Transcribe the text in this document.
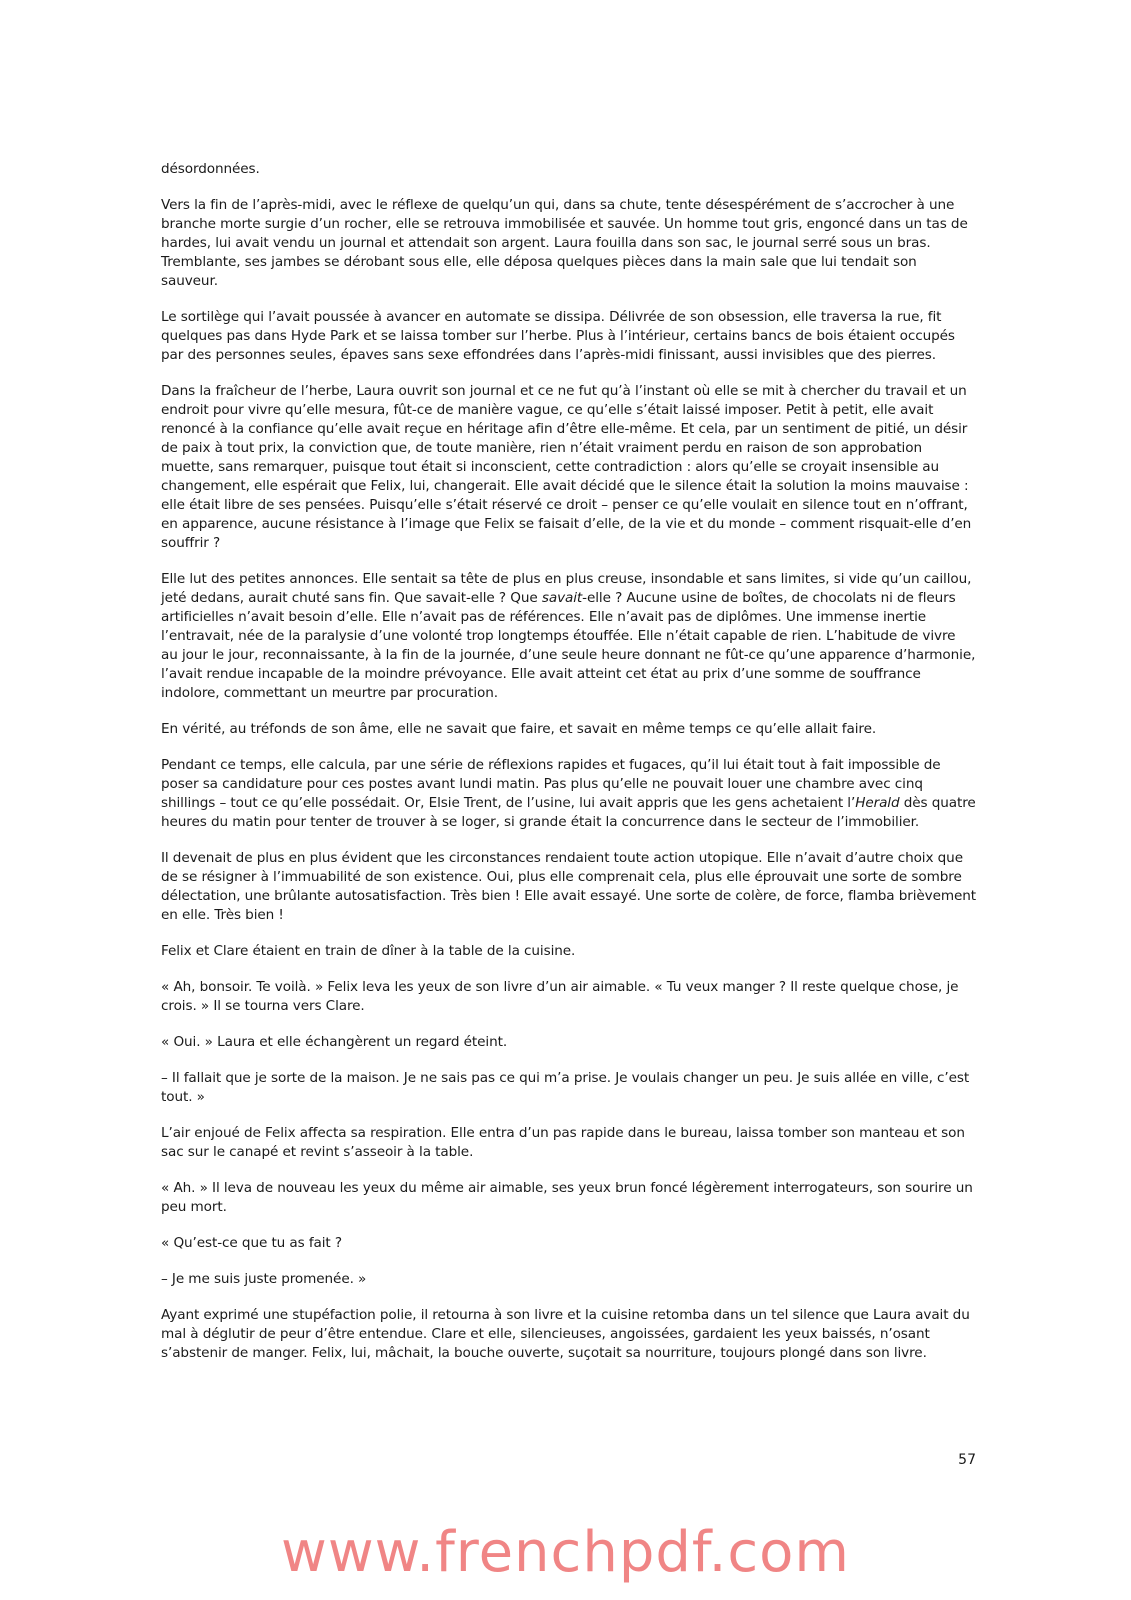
désordonnées.

Vers la fin de l’après-midi, avec le réflexe de quelqu’un qui, dans sa chute, tente désespérément de s’accrocher à une branche morte surgie d’un rocher, elle se retrouva immobilisée et sauvée. Un homme tout gris, engoncé dans un tas de hardes, lui avait vendu un journal et attendait son argent. Laura fouilla dans son sac, le journal serré sous un bras. Tremblante, ses jambes se dérobant sous elle, elle déposa quelques pièces dans la main sale que lui tendait son sauveur.

Le sortilège qui l’avait poussée à avancer en automate se dissipa. Délivrée de son obsession, elle traversa la rue, fit quelques pas dans Hyde Park et se laissa tomber sur l’herbe. Plus à l’intérieur, certains bancs de bois étaient occupés par des personnes seules, épaves sans sexe effondrées dans l’après-midi finissant, aussi invisibles que des pierres.

Dans la fraîcheur de l’herbe, Laura ouvrit son journal et ce ne fut qu’à l’instant où elle se mit à chercher du travail et un endroit pour vivre qu’elle mesura, fût-ce de manière vague, ce qu’elle s’était laissé imposer. Petit à petit, elle avait renoncé à la confiance qu’elle avait reçue en héritage afin d’être elle-même. Et cela, par un sentiment de pitié, un désir de paix à tout prix, la conviction que, de toute manière, rien n’était vraiment perdu en raison de son approbation muette, sans remarquer, puisque tout était si inconscient, cette contradiction : alors qu’elle se croyait insensible au changement, elle espérait que Felix, lui, changerait. Elle avait décidé que le silence était la solution la moins mauvaise : elle était libre de ses pensées. Puisqu’elle s’était réservé ce droit – penser ce qu’elle voulait en silence tout en n’offrant, en apparence, aucune résistance à l’image que Felix se faisait d’elle, de la vie et du monde – comment risquait-elle d’en souffrir ?

Elle lut des petites annonces. Elle sentait sa tête de plus en plus creuse, insondable et sans limites, si vide qu’un caillou, jeté dedans, aurait chuté sans fin. Que savait-elle ? Que savait-elle ? Aucune usine de boîtes, de chocolats ni de fleurs artificielles n’avait besoin d’elle. Elle n’avait pas de références. Elle n’avait pas de diplômes. Une immense inertie l’entravait, née de la paralysie d’une volonté trop longtemps étouffée. Elle n’était capable de rien. L’habitude de vivre au jour le jour, reconnaissante, à la fin de la journée, d’une seule heure donnant ne fût-ce qu’une apparence d’harmonie, l’avait rendue incapable de la moindre prévoyance. Elle avait atteint cet état au prix d’une somme de souffrance indolore, commettant un meurtre par procuration.

En vérité, au tréfonds de son âme, elle ne savait que faire, et savait en même temps ce qu’elle allait faire.

Pendant ce temps, elle calcula, par une série de réflexions rapides et fugaces, qu’il lui était tout à fait impossible de poser sa candidature pour ces postes avant lundi matin. Pas plus qu’elle ne pouvait louer une chambre avec cinq shillings – tout ce qu’elle possédait. Or, Elsie Trent, de l’usine, lui avait appris que les gens achetaient l’Herald dès quatre heures du matin pour tenter de trouver à se loger, si grande était la concurrence dans le secteur de l’immobilier.

Il devenait de plus en plus évident que les circonstances rendaient toute action utopique. Elle n’avait d’autre choix que de se résigner à l’immuabilité de son existence. Oui, plus elle comprenait cela, plus elle éprouvait une sorte de sombre délectation, une brûlante autosatisfaction. Très bien ! Elle avait essayé. Une sorte de colère, de force, flamba brièvement en elle. Très bien !

Felix et Clare étaient en train de dîner à la table de la cuisine.

« Ah, bonsoir. Te voilà. » Felix leva les yeux de son livre d’un air aimable. « Tu veux manger ? Il reste quelque chose, je crois. » Il se tourna vers Clare.

« Oui. » Laura et elle échangèrent un regard éteint.

– Il fallait que je sorte de la maison. Je ne sais pas ce qui m’a prise. Je voulais changer un peu. Je suis allée en ville, c’est tout. »

L’air enjoué de Felix affecta sa respiration. Elle entra d’un pas rapide dans le bureau, laissa tomber son manteau et son sac sur le canapé et revint s’asseoir à la table.

« Ah. » Il leva de nouveau les yeux du même air aimable, ses yeux brun foncé légèrement interrogateurs, son sourire un peu mort.

« Qu’est-ce que tu as fait ?

– Je me suis juste promenée. »

Ayant exprimé une stupéfaction polie, il retourna à son livre et la cuisine retomba dans un tel silence que Laura avait du mal à déglutir de peur d’être entendue. Clare et elle, silencieuses, angoissées, gardaient les yeux baissés, n’osant s’abstenir de manger. Felix, lui, mâchait, la bouche ouverte, suçotait sa nourriture, toujours plongé dans son livre.

57
www.frenchpdf.com
